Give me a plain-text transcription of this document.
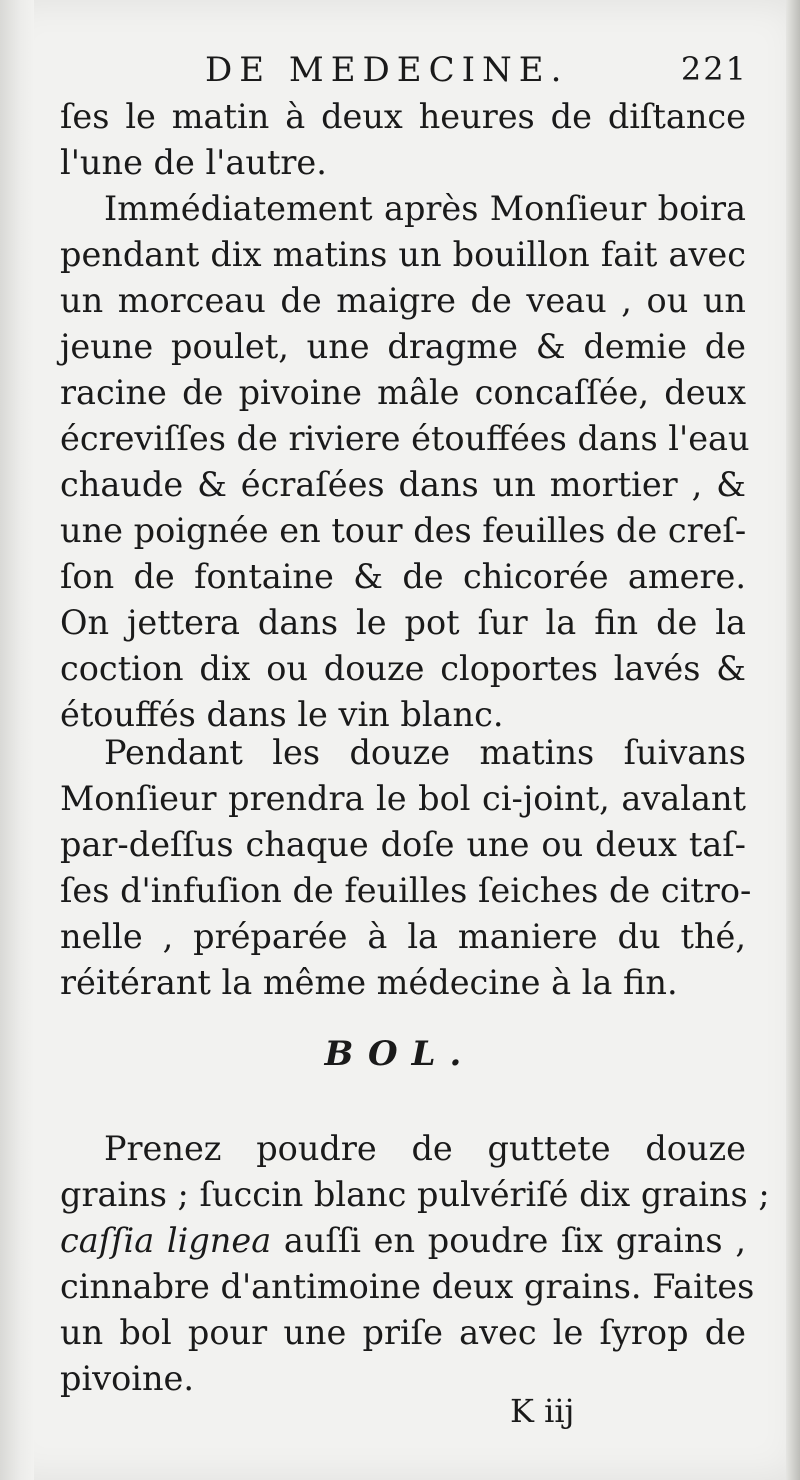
DE MEDECINE.	221
ſes le matin à deux heures de diſtance
l'une de l'autre.
Immédiatement après Monſieur boira
pendant dix matins un bouillon fait avec
un morceau de maigre de veau , ou un
jeune poulet, une dragme & demie de
racine de pivoine mâle concaſſée, deux
écreviſſes de riviere étouffées dans l'eau
chaude & écraſées dans un mortier , &
une poignée en tour des feuilles de creſ-
ſon de fontaine & de chicorée amere.
On jettera dans le pot ſur la fin de la
coction dix ou douze cloportes lavés &
étouffés dans le vin blanc.
Pendant les douze matins ſuivans
Monſieur prendra le bol ci-joint, avalant
par-deſſus chaque doſe une ou deux taſ-
ſes d'infuſion de feuilles ſeiches de citro-
nelle , préparée à la maniere du thé,
réitérant la même médecine à la fin.
BOL.
Prenez poudre de guttete douze
grains ; ſuccin blanc pulvériſé dix grains ;
caſſia lignea auſſi en poudre ſix grains ,
cinnabre d'antimoine deux grains. Faites
un bol pour une priſe avec le ſyrop de
pivoine.
K iij
